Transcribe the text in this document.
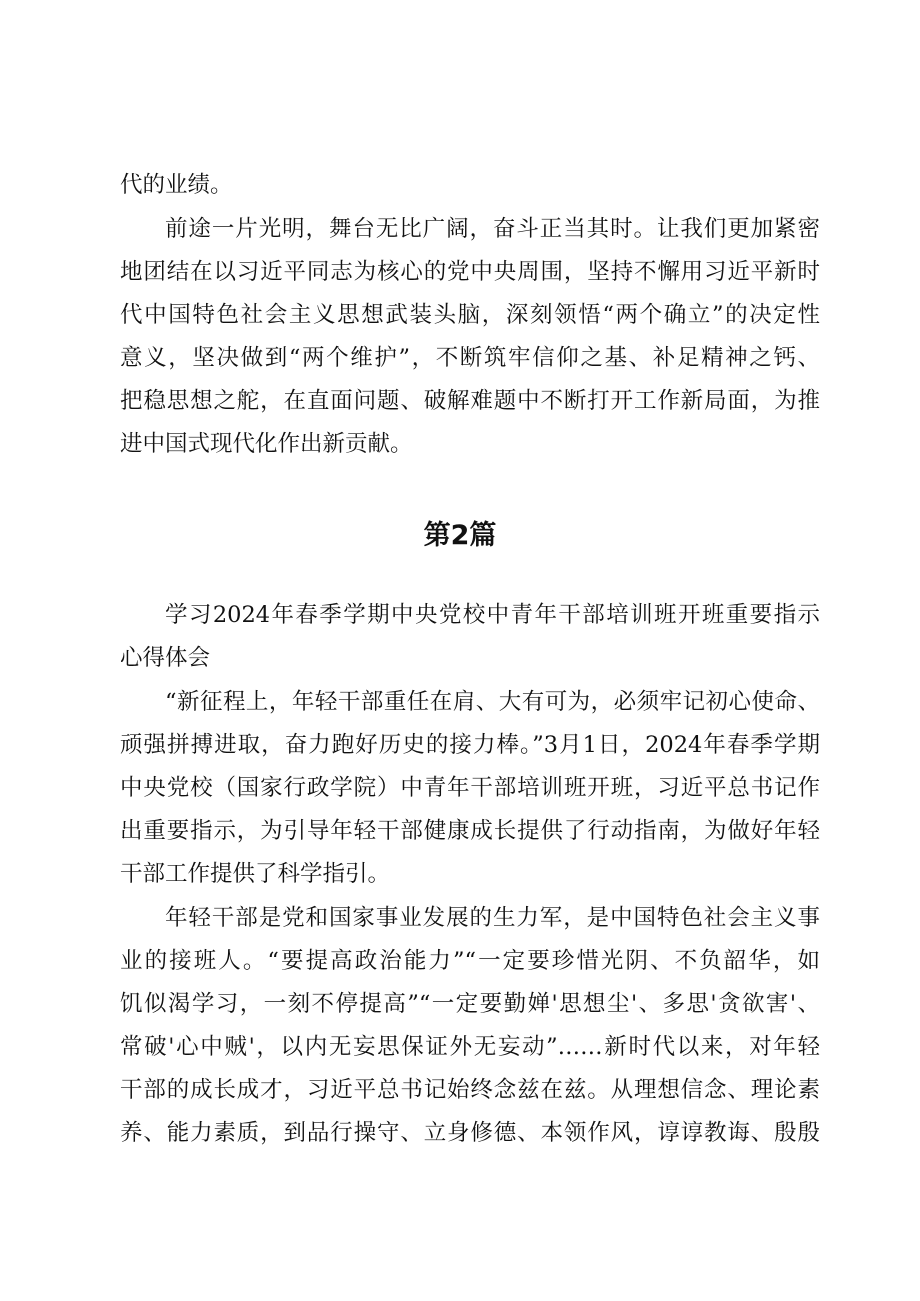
代的业绩。
前途一片光明，舞台无比广阔，奋斗正当其时。让我们更加紧密
地团结在以习近平同志为核心的党中央周围，坚持不懈用习近平新时
代中国特色社会主义思想武装头脑，深刻领悟“两个确立”的决定性
意义，坚决做到“两个维护”，不断筑牢信仰之基、补足精神之钙、
把稳思想之舵，在直面问题、破解难题中不断打开工作新局面，为推
进中国式现代化作出新贡献。
第2篇
学习2024年春季学期中央党校中青年干部培训班开班重要指示
心得体会
“新征程上，年轻干部重任在肩、大有可为，必须牢记初心使命、
顽强拼搏进取，奋力跑好历史的接力棒。”3月1日，2024年春季学期
中央党校（国家行政学院）中青年干部培训班开班，习近平总书记作
出重要指示，为引导年轻干部健康成长提供了行动指南，为做好年轻
干部工作提供了科学指引。
年轻干部是党和国家事业发展的生力军，是中国特色社会主义事
业的接班人。“要提高政治能力”“一定要珍惜光阴、不负韶华，如
饥似渴学习，一刻不停提高”“一定要勤婵'思想尘'、多思'贪欲害'、
常破'心中贼'，以内无妄思保证外无妄动”……新时代以来，对年轻
干部的成长成才，习近平总书记始终念兹在兹。从理想信念、理论素
养、能力素质，到品行操守、立身修德、本领作风，谆谆教诲、殷殷
